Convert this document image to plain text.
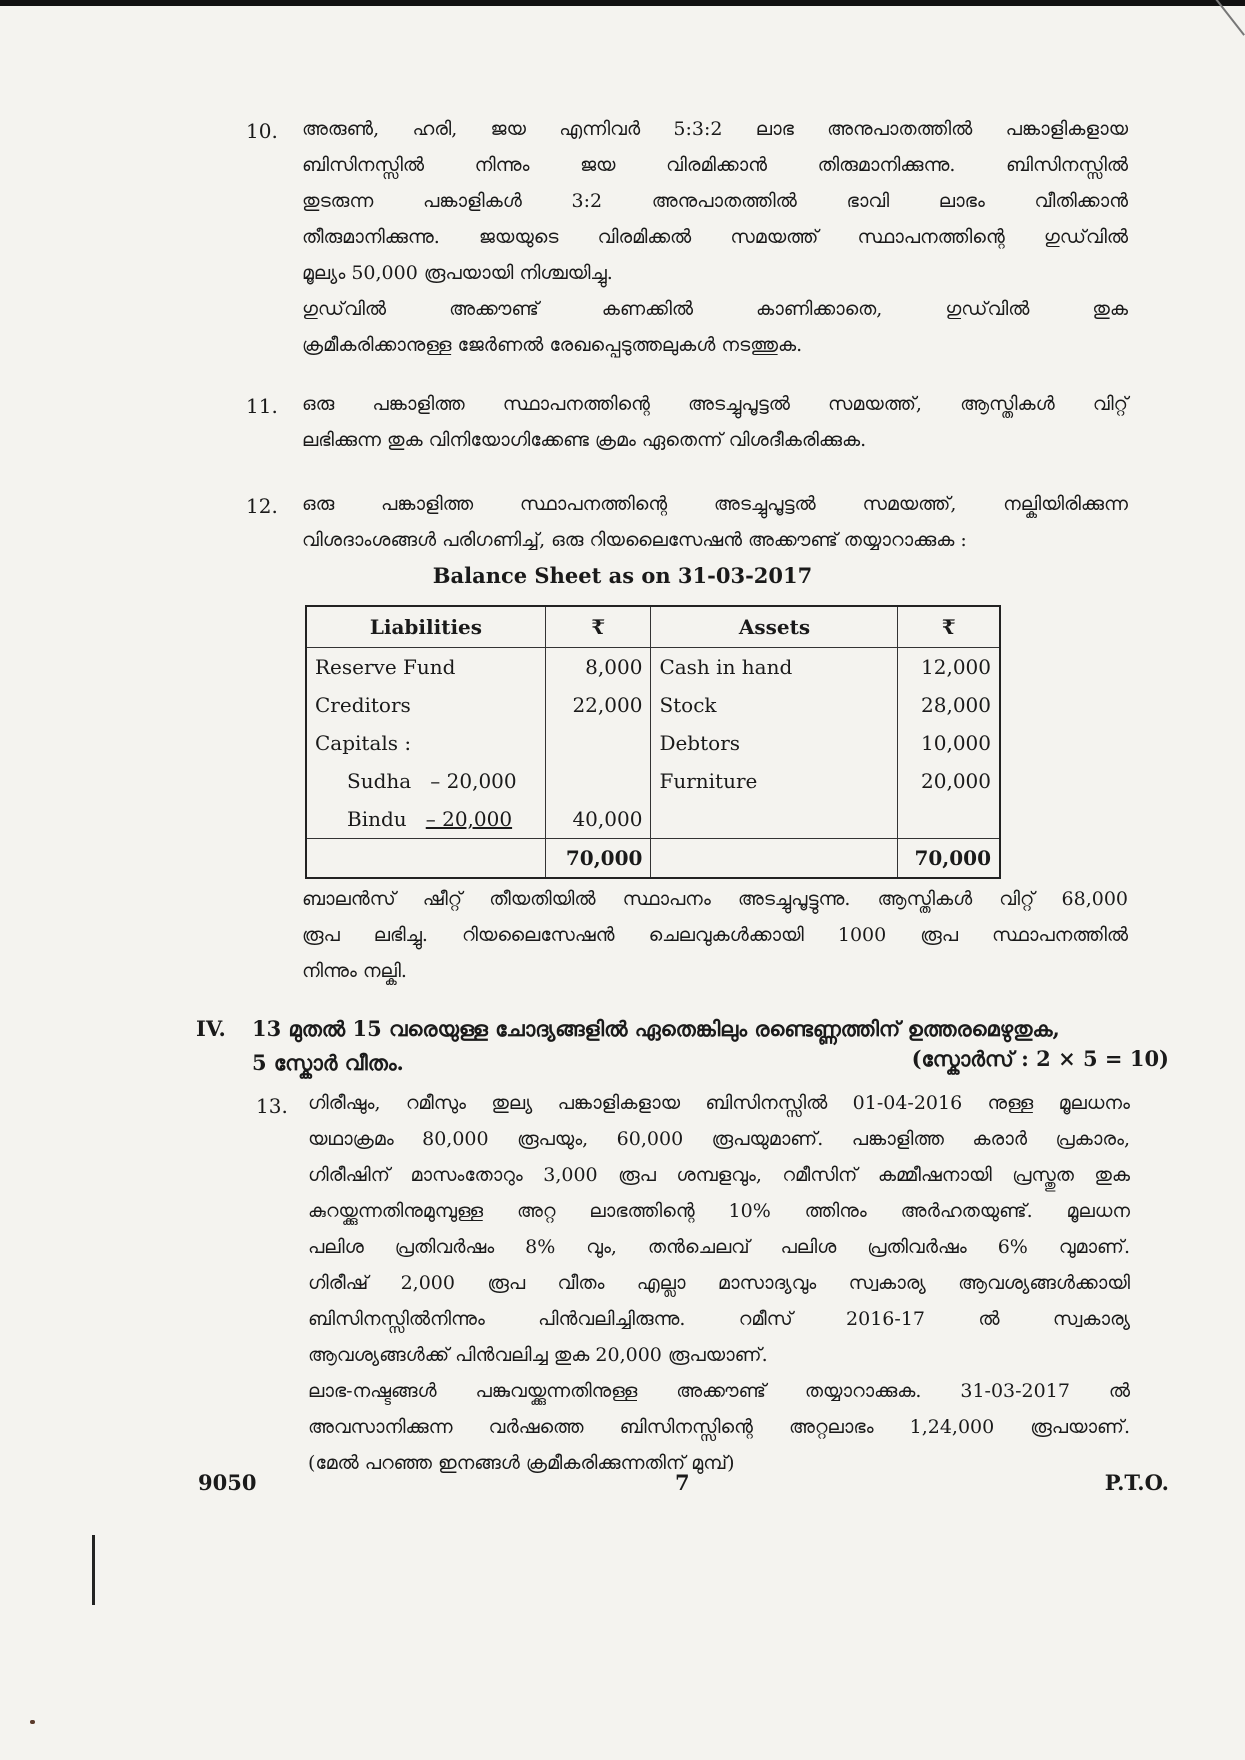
10. അരുൺ, ഹരി, ജയ എന്നിവർ 5:3:2 ലാഭ അനുപാതത്തിൽ പങ്കാളികളായ
ബിസിനസ്സിൽ നിന്നും ജയ വിരമിക്കാൻ തിരുമാനിക്കുന്നു. ബിസിനസ്സിൽ
തുടരുന്ന പങ്കാളികൾ 3:2 അനുപാതത്തിൽ ഭാവി ലാഭം വീതിക്കാൻ
തീരുമാനിക്കുന്നു. ജയയുടെ വിരമിക്കൽ സമയത്ത് സ്ഥാപനത്തിന്റെ ഗുഡ്‌വിൽ
മൂല്യം 50,000 രൂപയായി നിശ്ചയിച്ചു.
ഗുഡ്‌വിൽ അക്കൗണ്ട് കണക്കിൽ കാണിക്കാതെ, ഗുഡ്‌വിൽ തുക
ക്രമീകരിക്കാനുള്ള ജേർണൽ രേഖപ്പെടുത്തലുകൾ നടത്തുക.
11. ഒരു പങ്കാളിത്ത സ്ഥാപനത്തിന്റെ അടച്ചുപൂട്ടൽ സമയത്ത്, ആസ്തികൾ വിറ്റ്
ലഭിക്കുന്ന തുക വിനിയോഗിക്കേണ്ട ക്രമം ഏതെന്ന് വിശദീകരിക്കുക.
12. ഒരു പങ്കാളിത്ത സ്ഥാപനത്തിന്റെ അടച്ചുപൂട്ടൽ സമയത്ത്, നല്കിയിരിക്കുന്ന
വിശദാംശങ്ങൾ പരിഗണിച്ച്, ഒരു റിയലൈസേഷൻ അക്കൗണ്ട് തയ്യാറാക്കുക :
Balance Sheet as on 31-03-2017
Liabilities	₹	Assets	₹
Reserve Fund	8,000	Cash in hand	12,000
Creditors	22,000	Stock	28,000
Capitals :		Debtors	10,000
Sudha – 20,000		Furniture	20,000
Bindu – 20,000	40,000		
	70,000		70,000
ബാലൻസ് ഷീറ്റ് തീയതിയിൽ സ്ഥാപനം അടച്ചുപൂട്ടുന്നു. ആസ്തികൾ വിറ്റ് 68,000
രൂപ ലഭിച്ചു. റിയലൈസേഷൻ ചെലവുകൾക്കായി 1000 രൂപ സ്ഥാപനത്തിൽ
നിന്നും നല്കി.
IV. 13 മുതൽ 15 വരെയുള്ള ചോദ്യങ്ങളിൽ ഏതെങ്കിലും രണ്ടെണ്ണത്തിന് ഉത്തരമെഴുതുക,
5 സ്കോർ വീതം.	(സ്കോർസ് : 2 × 5 = 10)
13. ഗിരീഷും, റമീസും തുല്യ പങ്കാളികളായ ബിസിനസ്സിൽ 01-04-2016 നുള്ള മൂലധനം
യഥാക്രമം 80,000 രൂപയും, 60,000 രൂപയുമാണ്. പങ്കാളിത്ത കരാർ പ്രകാരം,
ഗിരീഷിന് മാസംതോറും 3,000 രൂപ ശമ്പളവും, റമീസിന് കമ്മീഷനായി പ്രസ്തുത തുക
കുറയ്ക്കുന്നതിനുമുമ്പുള്ള അറ്റ ലാഭത്തിന്റെ 10% ത്തിനും അർഹതയുണ്ട്. മൂലധന
പലിശ പ്രതിവർഷം 8% വും, തൻചെലവ് പലിശ പ്രതിവർഷം 6% വുമാണ്.
ഗിരീഷ് 2,000 രൂപ വീതം എല്ലാ മാസാദ്യവും സ്വകാര്യ ആവശ്യങ്ങൾക്കായി
ബിസിനസ്സിൽനിന്നും പിൻവലിച്ചിരുന്നു. റമീസ് 2016-17 ൽ സ്വകാര്യ
ആവശ്യങ്ങൾക്ക് പിൻവലിച്ച തുക 20,000 രൂപയാണ്.
ലാഭ-നഷ്ടങ്ങൾ പങ്കുവയ്ക്കുന്നതിനുള്ള അക്കൗണ്ട് തയ്യാറാക്കുക. 31-03-2017 ൽ
അവസാനിക്കുന്ന വർഷത്തെ ബിസിനസ്സിന്റെ അറ്റലാഭം 1,24,000 രൂപയാണ്.
(മേൽ പറഞ്ഞ ഇനങ്ങൾ ക്രമീകരിക്കുന്നതിന് മുമ്പ്)
9050	7	P.T.O.
